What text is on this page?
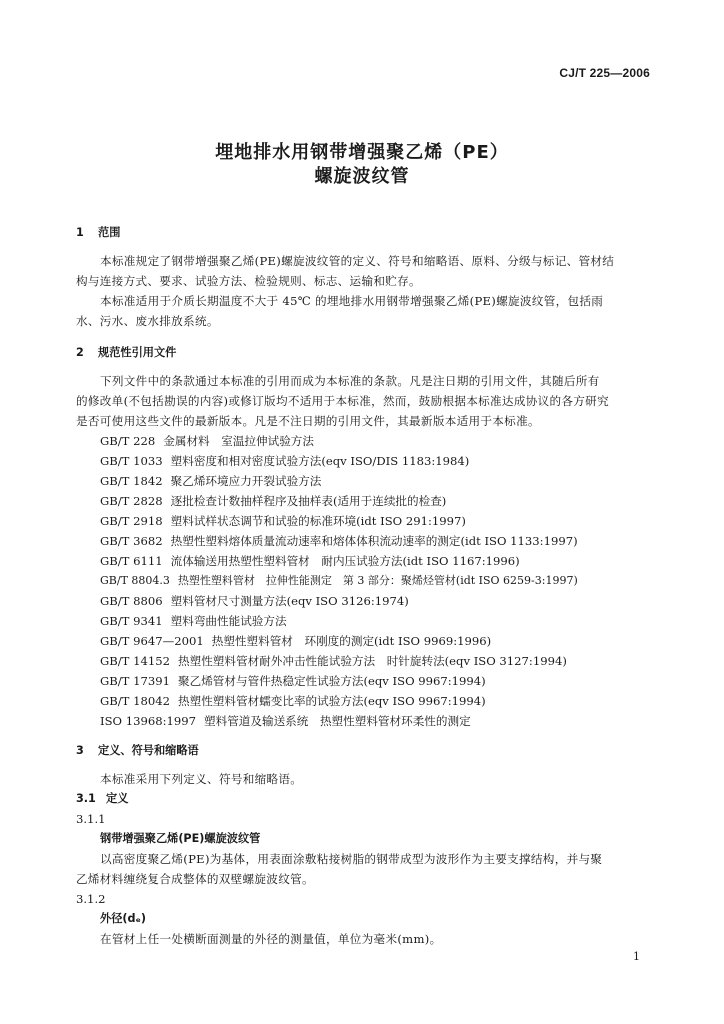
CJ/T 225—2006
埋地排水用钢带增强聚乙烯（PE）
螺旋波纹管
1 范围
本标准规定了钢带增强聚乙烯(PE)螺旋波纹管的定义、符号和缩略语、原料、分级与标记、管材结
构与连接方式、要求、试验方法、检验规则、标志、运输和贮存。
本标准适用于介质长期温度不大于 45℃ 的埋地排水用钢带增强聚乙烯(PE)螺旋波纹管，包括雨
水、污水、废水排放系统。
2 规范性引用文件
下列文件中的条款通过本标准的引用而成为本标准的条款。凡是注日期的引用文件，其随后所有
的修改单(不包括勘误的内容)或修订版均不适用于本标准，然而，鼓励根据本标准达成协议的各方研究
是否可使用这些文件的最新版本。凡是不注日期的引用文件，其最新版本适用于本标准。
GB/T 228 金属材料　室温拉伸试验方法
GB/T 1033 塑料密度和相对密度试验方法(eqv ISO/DIS 1183:1984)
GB/T 1842 聚乙烯环境应力开裂试验方法
GB/T 2828 逐批检查计数抽样程序及抽样表(适用于连续批的检查)
GB/T 2918 塑料试样状态调节和试验的标准环境(idt ISO 291:1997)
GB/T 3682 热塑性塑料熔体质量流动速率和熔体体积流动速率的测定(idt ISO 1133:1997)
GB/T 6111 流体输送用热塑性塑料管材　耐内压试验方法(idt ISO 1167:1996)
GB/T 8804.3 热塑性塑料管材　拉伸性能测定　第 3 部分：聚烯烃管材(idt ISO 6259-3:1997)
GB/T 8806 塑料管材尺寸测量方法(eqv ISO 3126:1974)
GB/T 9341 塑料弯曲性能试验方法
GB/T 9647—2001 热塑性塑料管材　环刚度的测定(idt ISO 9969:1996)
GB/T 14152 热塑性塑料管材耐外冲击性能试验方法　时针旋转法(eqv ISO 3127:1994)
GB/T 17391 聚乙烯管材与管件热稳定性试验方法(eqv ISO 9967:1994)
GB/T 18042 热塑性塑料管材蠕变比率的试验方法(eqv ISO 9967:1994)
ISO 13968:1997 塑料管道及输送系统　热塑性塑料管材环柔性的测定
3 定义、符号和缩略语
本标准采用下列定义、符号和缩略语。
3.1 定义
3.1.1
钢带增强聚乙烯(PE)螺旋波纹管
以高密度聚乙烯(PE)为基体，用表面涂敷粘接树脂的钢带成型为波形作为主要支撑结构，并与聚
乙烯材料缠绕复合成整体的双壁螺旋波纹管。
3.1.2
外径(dₑ)
在管材上任一处横断面测量的外径的测量值，单位为毫米(mm)。
1
